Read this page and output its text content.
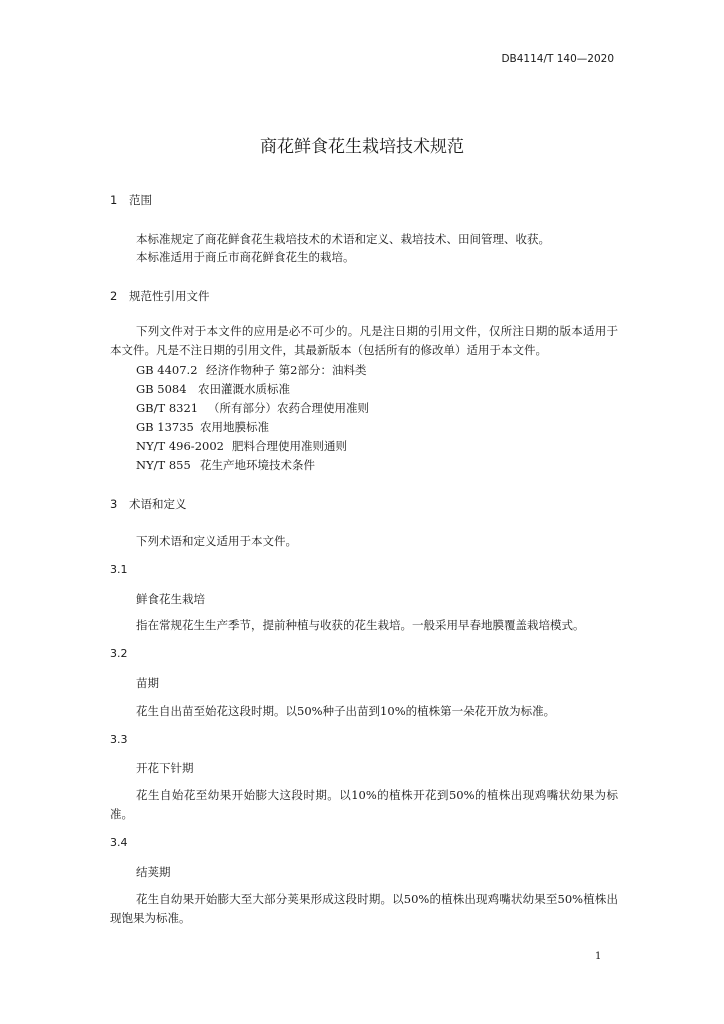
DB4114/T 140—2020
商花鲜食花生栽培技术规范
1 范围
本标准规定了商花鲜食花生栽培技术的术语和定义、栽培技术、田间管理、收获。
本标准适用于商丘市商花鲜食花生的栽培。
2 规范性引用文件
下列文件对于本文件的应用是必不可少的。凡是注日期的引用文件，仅所注日期的版本适用于本文件。凡是不注日期的引用文件，其最新版本（包括所有的修改单）适用于本文件。
GB 4407.2 经济作物种子 第2部分：油料类
GB 5084 农田灌溉水质标准
GB/T 8321 （所有部分）农药合理使用准则
GB 13735 农用地膜标准
NY/T 496-2002 肥料合理使用准则通则
NY/T 855 花生产地环境技术条件
3 术语和定义
下列术语和定义适用于本文件。
3.1
鲜食花生栽培
指在常规花生生产季节，提前种植与收获的花生栽培。一般采用早春地膜覆盖栽培模式。
3.2
苗期
花生自出苗至始花这段时期。以50%种子出苗到10%的植株第一朵花开放为标准。
3.3
开花下针期
花生自始花至幼果开始膨大这段时期。以10%的植株开花到50%的植株出现鸡嘴状幼果为标准。
3.4
结荚期
花生自幼果开始膨大至大部分荚果形成这段时期。以50%的植株出现鸡嘴状幼果至50%植株出现饱果为标准。
1
